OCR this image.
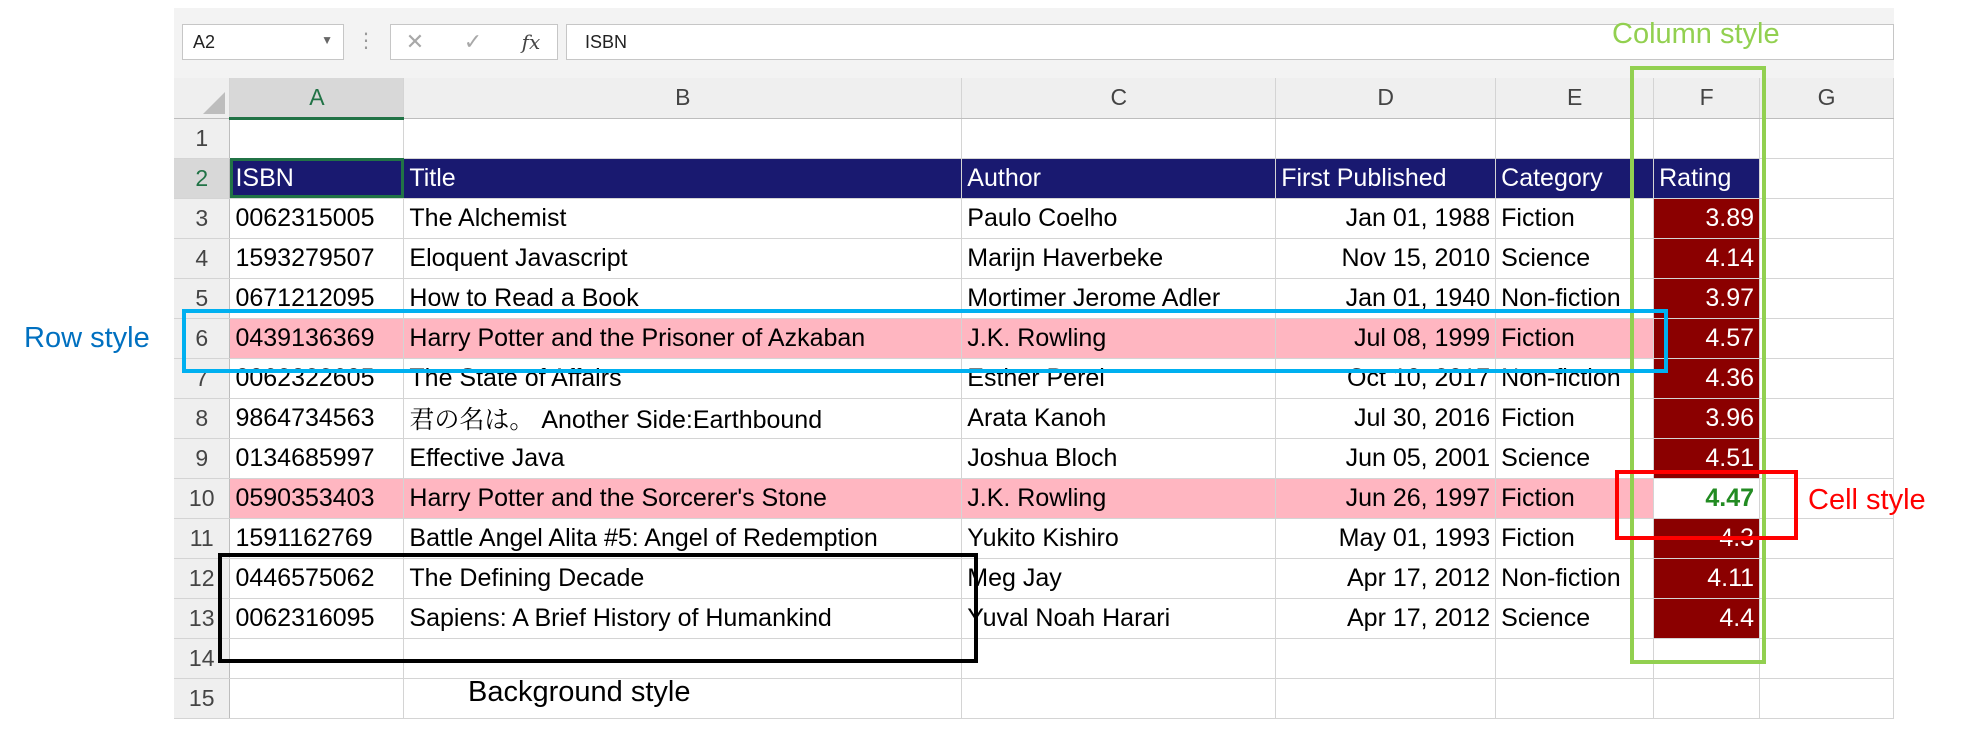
A2	▼ ⋮	✕	✓	fx	ISBN
	A	B	C	D	E	F	G
1							
2	ISBN	Title	Author	First Published	Category	Rating	
3	0062315005	The Alchemist	Paulo Coelho	Jan 01, 1988	Fiction	3.89	
4	1593279507	Eloquent Javascript	Marijn Haverbeke	Nov 15, 2010	Science	4.14	
5	0671212095	How to Read a Book	Mortimer Jerome Adler	Jan 01, 1940	Non-fiction	3.97	
6	0439136369	Harry Potter and the Prisoner of Azkaban	J.K. Rowling	Jul 08, 1999	Fiction	4.57	
7	0062322605	The State of Affairs	Esther Perel	Oct 10, 2017	Non-fiction	4.36	
8	9864734563	君の名は。 Another Side:Earthbound	Arata Kanoh	Jul 30, 2016	Fiction	3.96	
9	0134685997	Effective Java	Joshua Bloch	Jun 05, 2001	Science	4.51	
10	0590353403	Harry Potter and the Sorcerer's Stone	J.K. Rowling	Jun 26, 1997	Fiction	4.47	
11	1591162769	Battle Angel Alita #5: Angel of Redemption	Yukito Kishiro	May 01, 1993	Fiction	4.3	
12	0446575062	The Defining Decade	Meg Jay	Apr 17, 2012	Non-fiction	4.11	
13	0062316095	Sapiens: A Brief History of Humankind	Yuval Noah Harari	Apr 17, 2012	Science	4.4	
14							
15							
Column style
Row style
Cell style
Background style
